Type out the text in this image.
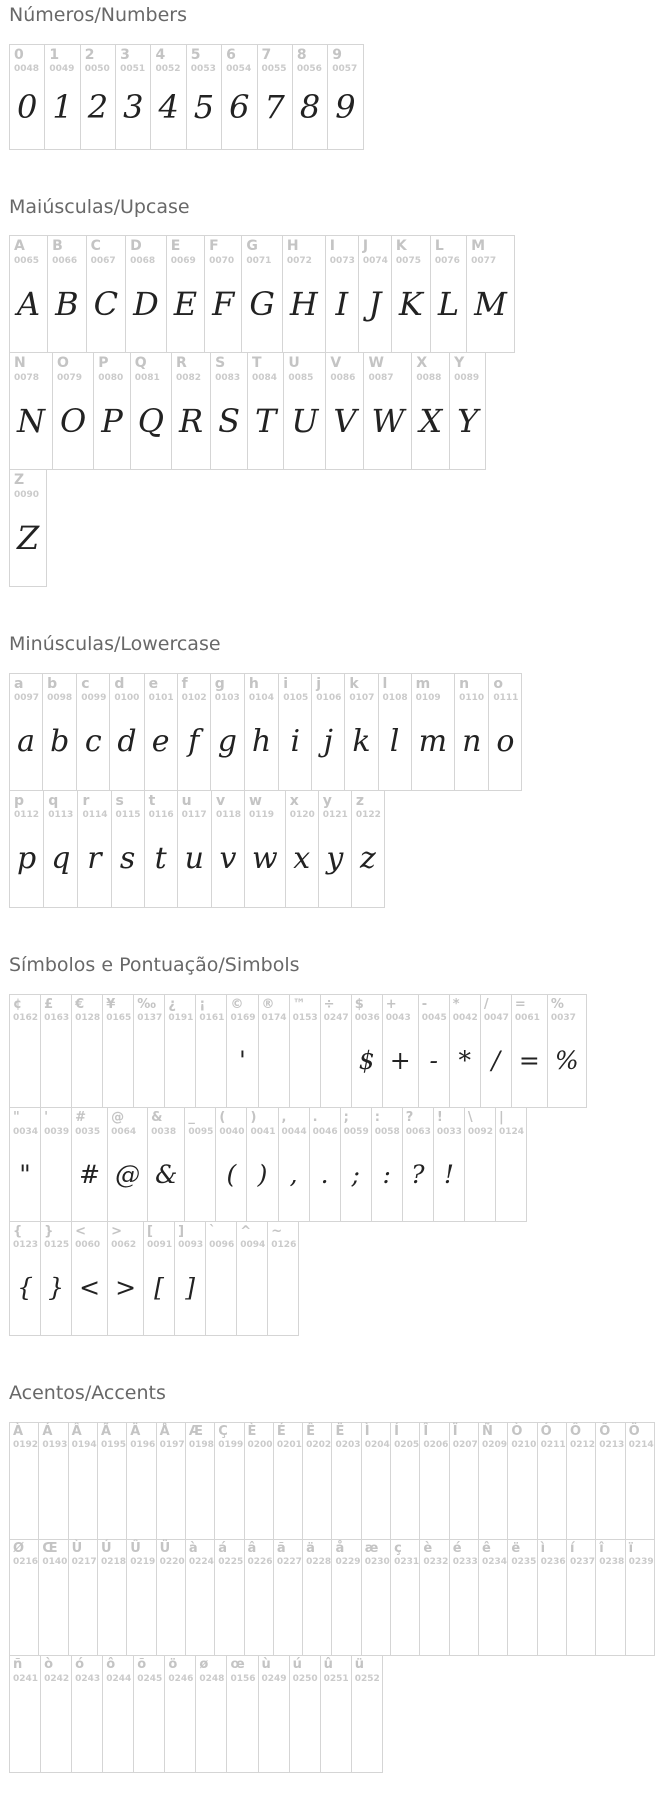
Números/Numbers
0
0048
0
1
0049
1
2
0050
2
3
0051
3
4
0052
4
5
0053
5
6
0054
6
7
0055
7
8
0056
8
9
0057
9
Maiúsculas/Upcase
A
0065
A
B
0066
B
C
0067
C
D
0068
D
E
0069
E
F
0070
F
G
0071
G
H
0072
H
I
0073
I
J
0074
J
K
0075
K
L
0076
L
M
0077
M
N
0078
N
O
0079
O
P
0080
P
Q
0081
Q
R
0082
R
S
0083
S
T
0084
T
U
0085
U
V
0086
V
W
0087
W
X
0088
X
Y
0089
Y
Z
0090
Z
Minúsculas/Lowercase
a
0097
a
b
0098
b
c
0099
c
d
0100
d
e
0101
e
f
0102
f
g
0103
g
h
0104
h
i
0105
i
j
0106
j
k
0107
k
l
0108
l
m
0109
m
n
0110
n
o
0111
o
p
0112
p
q
0113
q
r
0114
r
s
0115
s
t
0116
t
u
0117
u
v
0118
v
w
0119
w
x
0120
x
y
0121
y
z
0122
z
Símbolos e Pontuação/Simbols
¢
0162
£
0163
€
0128
¥
0165
‰
0137
¿
0191
¡
0161
©
0169
'
®
0174
™
0153
÷
0247
$
0036
$
+
0043
+
-
0045
-
*
0042
*
/
0047
/
=
0061
=
%
0037
%
"
0034
"
'
0039
#
0035
#
@
0064
@
&
0038
&
_
0095
(
0040
(
)
0041
)
,
0044
,
.
0046
.
;
0059
;
:
0058
:
?
0063
?
!
0033
!
\
0092
|
0124
{
0123
{
}
0125
}
<
0060
<
>
0062
>
[
0091
[
]
0093
]
`
0096
^
0094
~
0126
Acentos/Accents
À
0192
Á
0193
Â
0194
Ã
0195
Ä
0196
Å
0197
Æ
0198
Ç
0199
È
0200
É
0201
Ê
0202
Ë
0203
Ì
0204
Í
0205
Î
0206
Ï
0207
Ñ
0209
Ò
0210
Ó
0211
Ô
0212
Õ
0213
Ö
0214
Ø
0216
Œ
0140
Ù
0217
Ú
0218
Û
0219
Ü
0220
à
0224
á
0225
â
0226
ã
0227
ä
0228
å
0229
æ
0230
ç
0231
è
0232
é
0233
ê
0234
ë
0235
ì
0236
í
0237
î
0238
ï
0239
ñ
0241
ò
0242
ó
0243
ô
0244
õ
0245
ö
0246
ø
0248
œ
0156
ù
0249
ú
0250
û
0251
ü
0252
